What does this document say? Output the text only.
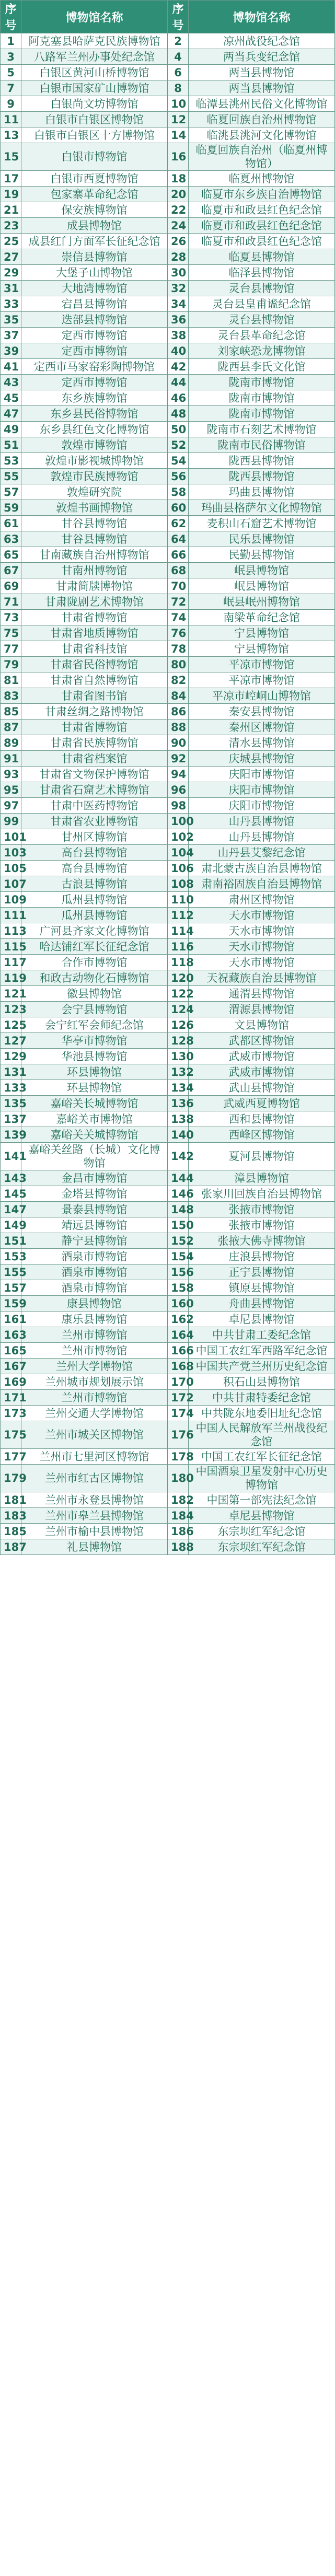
序号	博物馆名称	序号	博物馆名称
1	阿克塞县哈萨克民族博物馆	2	凉州战役纪念馆
3	八路军兰州办事处纪念馆	4	两当兵变纪念馆
5	白银区黄河山桥博物馆	6	两当县博物馆
7	白银市国家矿山博物馆	8	两当县博物馆
9	白银尚文坊博物馆	10	临潭县洮州民俗文化博物馆
11	白银市白银区博物馆	12	临夏回族自治州博物馆
13	白银市白银区十方博物馆	14	临洮县洮河文化博物馆
15	白银市博物馆	16	临夏回族自治州（临夏州博物馆）
17	白银市西夏博物馆	18	临夏州博物馆
19	包家寨革命纪念馆	20	临夏市东乡族自治博物馆
21	保安族博物馆	22	临夏市和政县红色纪念馆
23	成县博物馆	24	临夏市和政县红色纪念馆
25	成县红门方面军长征纪念馆	26	临夏市和政县红色纪念馆
27	崇信县博物馆	28	临夏县博物馆
29	大堡子山博物馆	30	临泽县博物馆
31	大地湾博物馆	32	灵台县博物馆
33	宕昌县博物馆	34	灵台县皇甫谧纪念馆
35	迭部县博物馆	36	灵台县博物馆
37	定西市博物馆	38	灵台县革命纪念馆
39	定西市博物馆	40	刘家峡恐龙博物馆
41	定西市马家窑彩陶博物馆	42	陇西县李氏文化馆
43	定西市博物馆	44	陇南市博物馆
45	东乡族博物馆	46	陇南市博物馆
47	东乡县民俗博物馆	48	陇南市博物馆
49	东乡县红色文化博物馆	50	陇南市石刻艺术博物馆
51	敦煌市博物馆	52	陇南市民俗博物馆
53	敦煌市影视城博物馆	54	陇西县博物馆
55	敦煌市民族博物馆	56	陇西县博物馆
57	敦煌研究院	58	玛曲县博物馆
59	敦煌书画博物馆	60	玛曲县格萨尔文化博物馆
61	甘谷县博物馆	62	麦积山石窟艺术博物馆
63	甘谷县博物馆	64	民乐县博物馆
65	甘南藏族自治州博物馆	66	民勤县博物馆
67	甘南州博物馆	68	岷县博物馆
69	甘肃简牍博物馆	70	岷县博物馆
71	甘肃陇剧艺术博物馆	72	岷县岷州博物馆
73	甘肃省博物馆	74	南梁革命纪念馆
75	甘肃省地质博物馆	76	宁县博物馆
77	甘肃省科技馆	78	宁县博物馆
79	甘肃省民俗博物馆	80	平凉市博物馆
81	甘肃省自然博物馆	82	平凉市博物馆
83	甘肃省图书馆	84	平凉市崆峒山博物馆
85	甘肃丝绸之路博物馆	86	秦安县博物馆
87	甘肃省博物馆	88	秦州区博物馆
89	甘肃省民族博物馆	90	清水县博物馆
91	甘肃省档案馆	92	庆城县博物馆
93	甘肃省文物保护博物馆	94	庆阳市博物馆
95	甘肃省石窟艺术博物馆	96	庆阳市博物馆
97	甘肃中医药博物馆	98	庆阳市博物馆
99	甘肃省农业博物馆	100	山丹县博物馆
101	甘州区博物馆	102	山丹县博物馆
103	高台县博物馆	104	山丹县艾黎纪念馆
105	高台县博物馆	106	肃北蒙古族自治县博物馆
107	古浪县博物馆	108	肃南裕固族自治县博物馆
109	瓜州县博物馆	110	肃州区博物馆
111	瓜州县博物馆	112	天水市博物馆
113	广河县齐家文化博物馆	114	天水市博物馆
115	哈达铺红军长征纪念馆	116	天水市博物馆
117	合作市博物馆	118	天水市博物馆
119	和政古动物化石博物馆	120	天祝藏族自治县博物馆
121	徽县博物馆	122	通渭县博物馆
123	会宁县博物馆	124	渭源县博物馆
125	会宁红军会师纪念馆	126	文县博物馆
127	华亭市博物馆	128	武都区博物馆
129	华池县博物馆	130	武威市博物馆
131	环县博物馆	132	武威市博物馆
133	环县博物馆	134	武山县博物馆
135	嘉峪关长城博物馆	136	武威西夏博物馆
137	嘉峪关市博物馆	138	西和县博物馆
139	嘉峪关关城博物馆	140	西峰区博物馆
141	嘉峪关丝路（长城）文化博物馆	142	夏河县博物馆
143	金昌市博物馆	144	漳县博物馆
145	金塔县博物馆	146	张家川回族自治县博物馆
147	景泰县博物馆	148	张掖市博物馆
149	靖远县博物馆	150	张掖市博物馆
151	静宁县博物馆	152	张掖大佛寺博物馆
153	酒泉市博物馆	154	庄浪县博物馆
155	酒泉市博物馆	156	正宁县博物馆
157	酒泉市博物馆	158	镇原县博物馆
159	康县博物馆	160	舟曲县博物馆
161	康乐县博物馆	162	卓尼县博物馆
163	兰州市博物馆	164	中共甘肃工委纪念馆
165	兰州市博物馆	166	中国工农红军西路军纪念馆
167	兰州大学博物馆	168	中国共产党兰州历史纪念馆
169	兰州城市规划展示馆	170	积石山县博物馆
171	兰州市博物馆	172	中共甘肃特委纪念馆
173	兰州交通大学博物馆	174	中共陇东地委旧址纪念馆
175	兰州市城关区博物馆	176	中国人民解放军兰州战役纪念馆
177	兰州市七里河区博物馆	178	中国工农红军长征纪念馆
179	兰州市红古区博物馆	180	中国酒泉卫星发射中心历史博物馆
181	兰州市永登县博物馆	182	中国第一部宪法纪念馆
183	兰州市皋兰县博物馆	184	卓尼县博物馆
185	兰州市榆中县博物馆	186	东宗坝红军纪念馆
187	礼县博物馆	188	东宗坝红军纪念馆
